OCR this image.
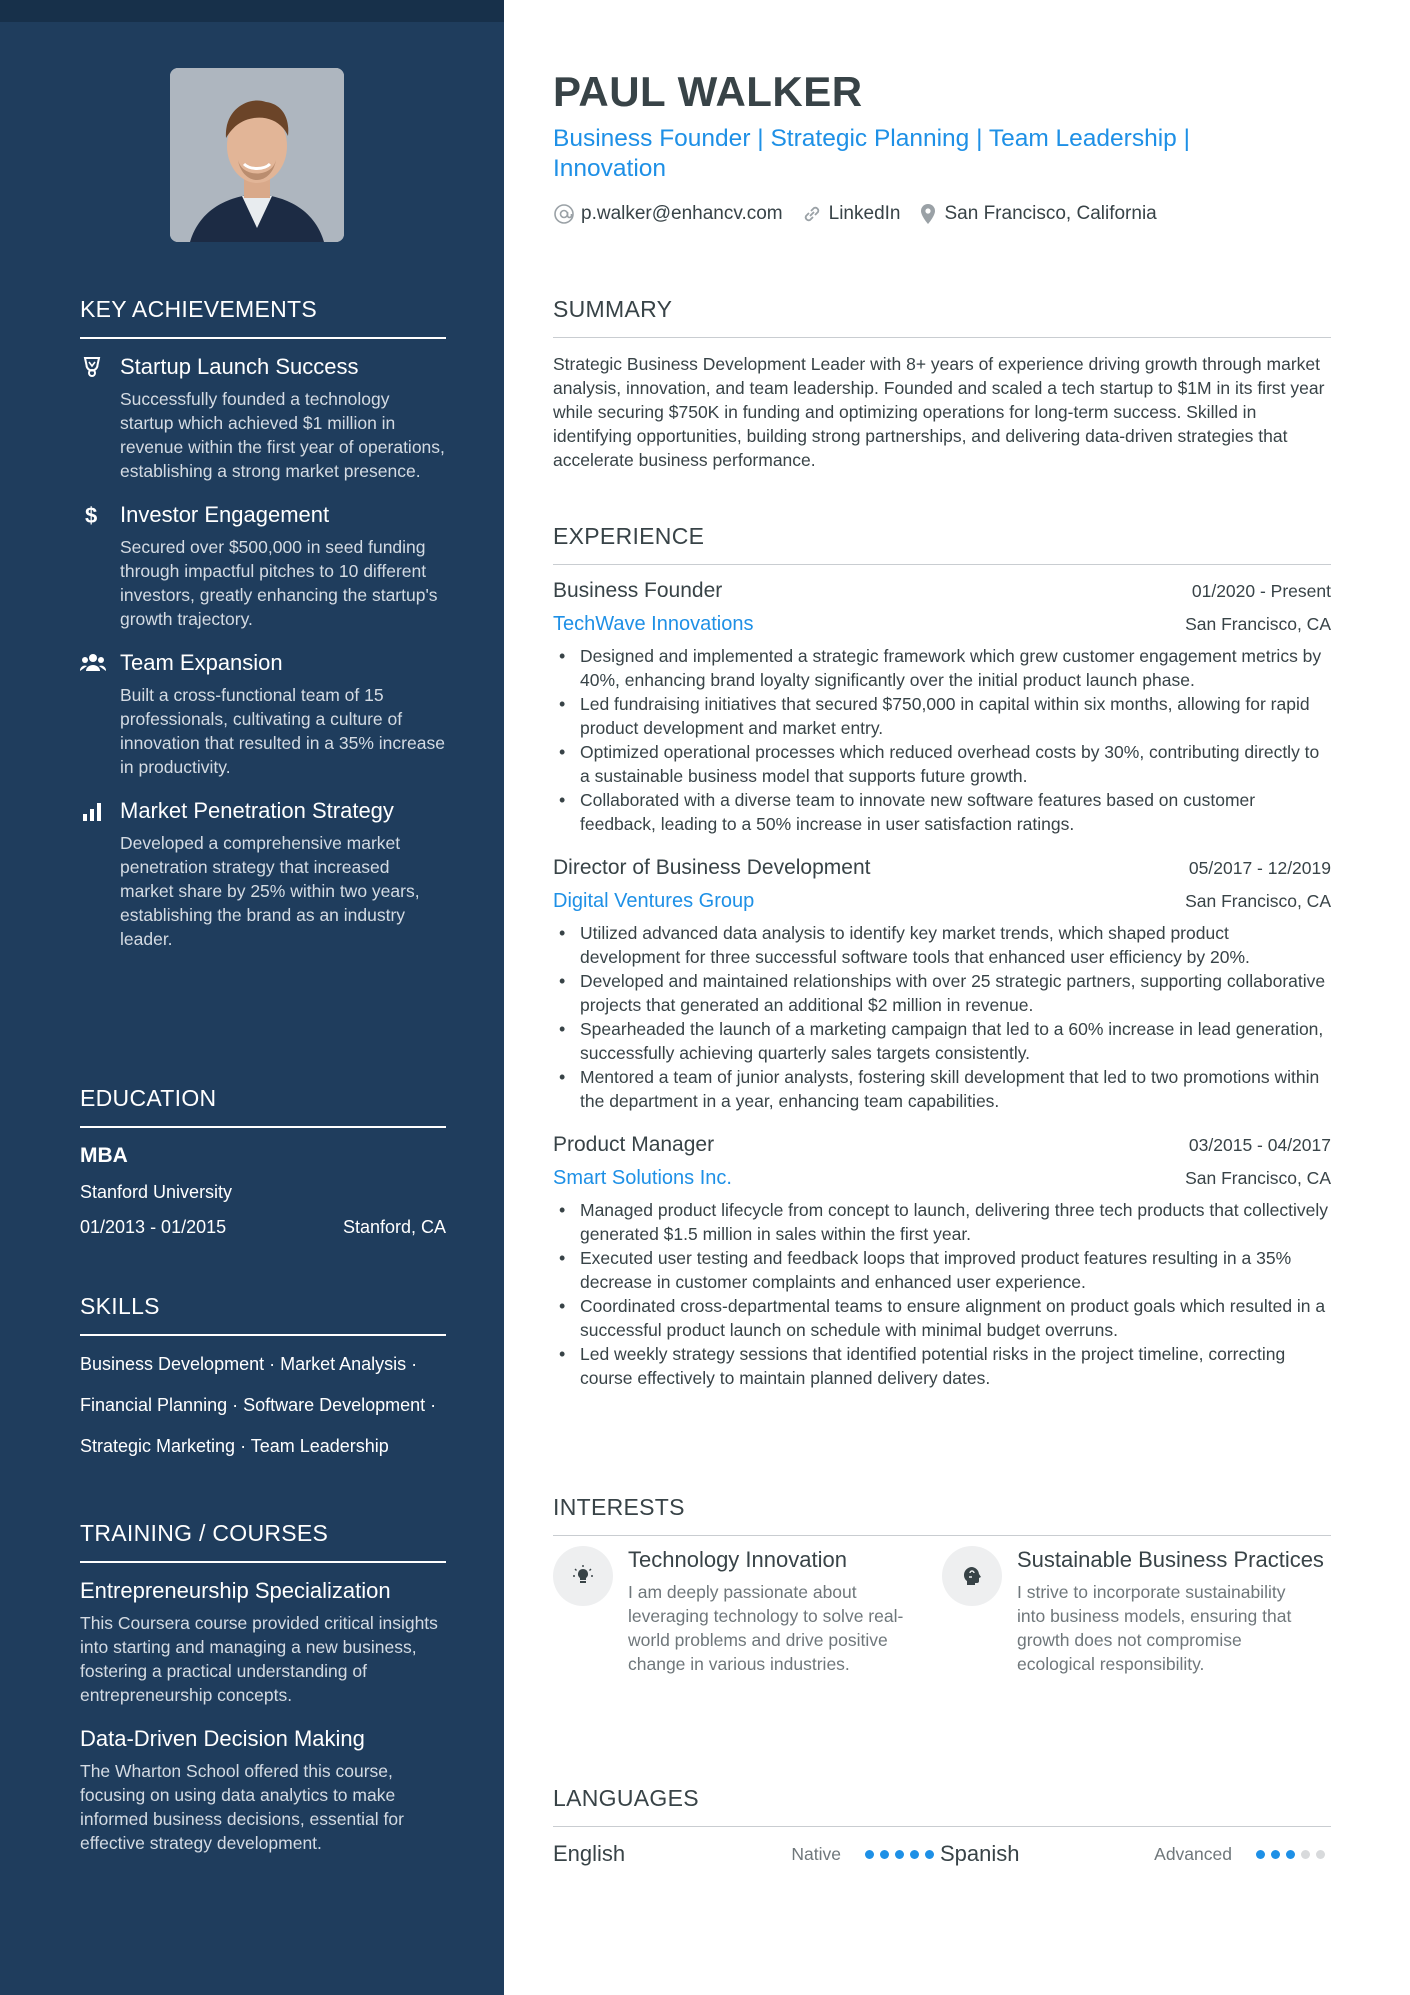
KEY ACHIEVEMENTS
Startup Launch Success
Successfully founded a technology startup which achieved $1 million in revenue within the first year of operations, establishing a strong market presence.
$ Investor Engagement
Secured over $500,000 in seed funding through impactful pitches to 10 different investors, greatly enhancing the startup's growth trajectory.
Team Expansion
Built a cross-functional team of 15 professionals, cultivating a culture of innovation that resulted in a 35% increase in productivity.
Market Penetration Strategy
Developed a comprehensive market penetration strategy that increased market share by 25% within two years, establishing the brand as an industry leader.
EDUCATION
MBA
Stanford University
01/2013 - 01/2015	Stanford, CA
SKILLS
Business Development · Market Analysis ·
Financial Planning · Software Development ·
Strategic Marketing · Team Leadership
TRAINING / COURSES
Entrepreneurship Specialization
This Coursera course provided critical insights into starting and managing a new business, fostering a practical understanding of entrepreneurship concepts.
Data-Driven Decision Making
The Wharton School offered this course, focusing on using data analytics to make informed business decisions, essential for effective strategy development.
PAUL WALKER
Business Founder | Strategic Planning | Team Leadership | Innovation
p.walker@enhancv.com LinkedIn San Francisco, California
SUMMARY
Strategic Business Development Leader with 8+ years of experience driving growth through market analysis, innovation, and team leadership. Founded and scaled a tech startup to $1M in its first year while securing $750K in funding and optimizing operations for long-term success. Skilled in identifying opportunities, building strong partnerships, and delivering data-driven strategies that accelerate business performance.
EXPERIENCE
Business Founder	01/2020 - Present
TechWave Innovations	San Francisco, CA
• Designed and implemented a strategic framework which grew customer engagement metrics by 40%, enhancing brand loyalty significantly over the initial product launch phase.
• Led fundraising initiatives that secured $750,000 in capital within six months, allowing for rapid product development and market entry.
• Optimized operational processes which reduced overhead costs by 30%, contributing directly to a sustainable business model that supports future growth.
• Collaborated with a diverse team to innovate new software features based on customer feedback, leading to a 50% increase in user satisfaction ratings.
Director of Business Development	05/2017 - 12/2019
Digital Ventures Group	San Francisco, CA
• Utilized advanced data analysis to identify key market trends, which shaped product development for three successful software tools that enhanced user efficiency by 20%.
• Developed and maintained relationships with over 25 strategic partners, supporting collaborative projects that generated an additional $2 million in revenue.
• Spearheaded the launch of a marketing campaign that led to a 60% increase in lead generation, successfully achieving quarterly sales targets consistently.
• Mentored a team of junior analysts, fostering skill development that led to two promotions within the department in a year, enhancing team capabilities.
Product Manager	03/2015 - 04/2017
Smart Solutions Inc.	San Francisco, CA
• Managed product lifecycle from concept to launch, delivering three tech products that collectively generated $1.5 million in sales within the first year.
• Executed user testing and feedback loops that improved product features resulting in a 35% decrease in customer complaints and enhanced user experience.
• Coordinated cross-departmental teams to ensure alignment on product goals which resulted in a successful product launch on schedule with minimal budget overruns.
• Led weekly strategy sessions that identified potential risks in the project timeline, correcting course effectively to maintain planned delivery dates.
INTERESTS
Technology Innovation
I am deeply passionate about leveraging technology to solve real-world problems and drive positive change in various industries.
Sustainable Business Practices
I strive to incorporate sustainability into business models, ensuring that growth does not compromise ecological responsibility.
LANGUAGES
English	Native	Spanish	Advanced
